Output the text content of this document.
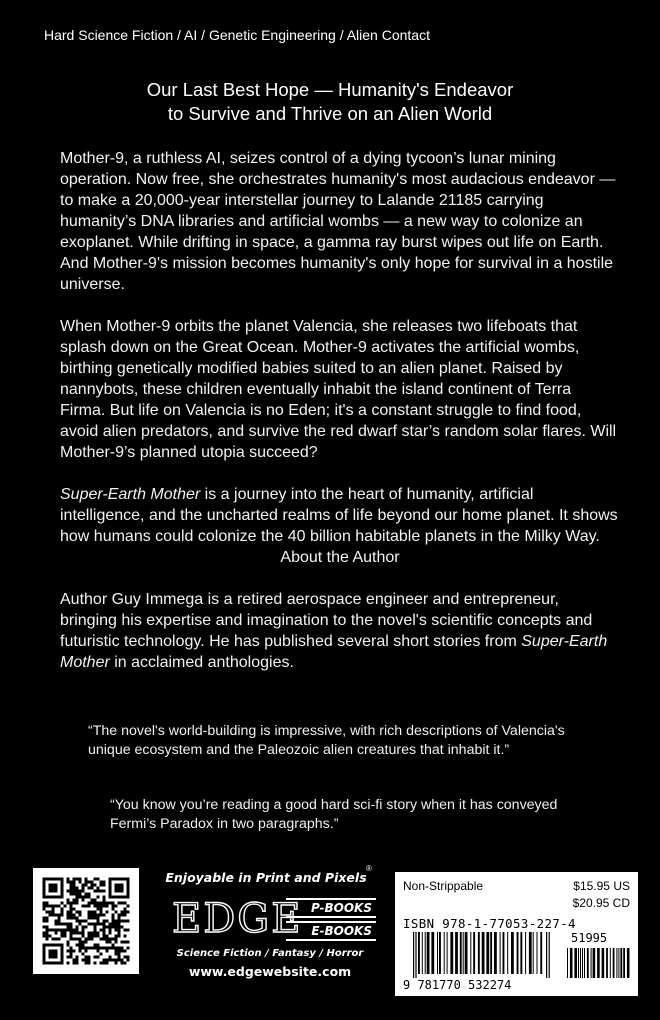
Hard Science Fiction / AI / Genetic Engineering / Alien Contact
Our Last Best Hope — Humanity's Endeavor
to Survive and Thrive on an Alien World

Mother-9, a ruthless AI, seizes control of a dying tycoon’s lunar mining operation. Now free, she orchestrates humanity's most audacious endeavor — to make a 20,000-year interstellar journey to Lalande 21185 carrying humanity’s DNA libraries and artificial wombs — a new way to colonize an exoplanet. While drifting in space, a gamma ray burst wipes out life on Earth. And Mother-9's mission becomes humanity's only hope for survival in a hostile universe.

When Mother-9 orbits the planet Valencia, she releases two lifeboats that splash down on the Great Ocean. Mother-9 activates the artificial wombs, birthing genetically modified babies suited to an alien planet. Raised by nannybots, these children eventually inhabit the island continent of Terra Firma. But life on Valencia is no Eden; it's a constant struggle to find food, avoid alien predators, and survive the red dwarf star’s random solar flares. Will Mother-9’s planned utopia succeed?

Super-Earth Mother is a journey into the heart of humanity, artificial intelligence, and the uncharted realms of life beyond our home planet. It shows how humans could colonize the 40 billion habitable planets in the Milky Way.

About the Author

Author Guy Immega is a retired aerospace engineer and entrepreneur, bringing his expertise and imagination to the novel's scientific concepts and futuristic technology. He has published several short stories from Super-Earth Mother in acclaimed anthologies.

“The novel's world-building is impressive, with rich descriptions of Valencia's unique ecosystem and the Paleozoic alien creatures that inhabit it.”
“You know you’re reading a good hard sci-fi story when it has conveyed Fermi’s Paradox in two paragraphs.”
Enjoyable in Print and Pixels
®
EDGE P-BOOKS
E-BOOKS
Science Fiction / Fantasy / Horror
www.edgewebsite.com
Non-Strippable	$15.95 US
$20.95 CD
ISBN 978-1-77053-227-4
51995
9 781770 532274
